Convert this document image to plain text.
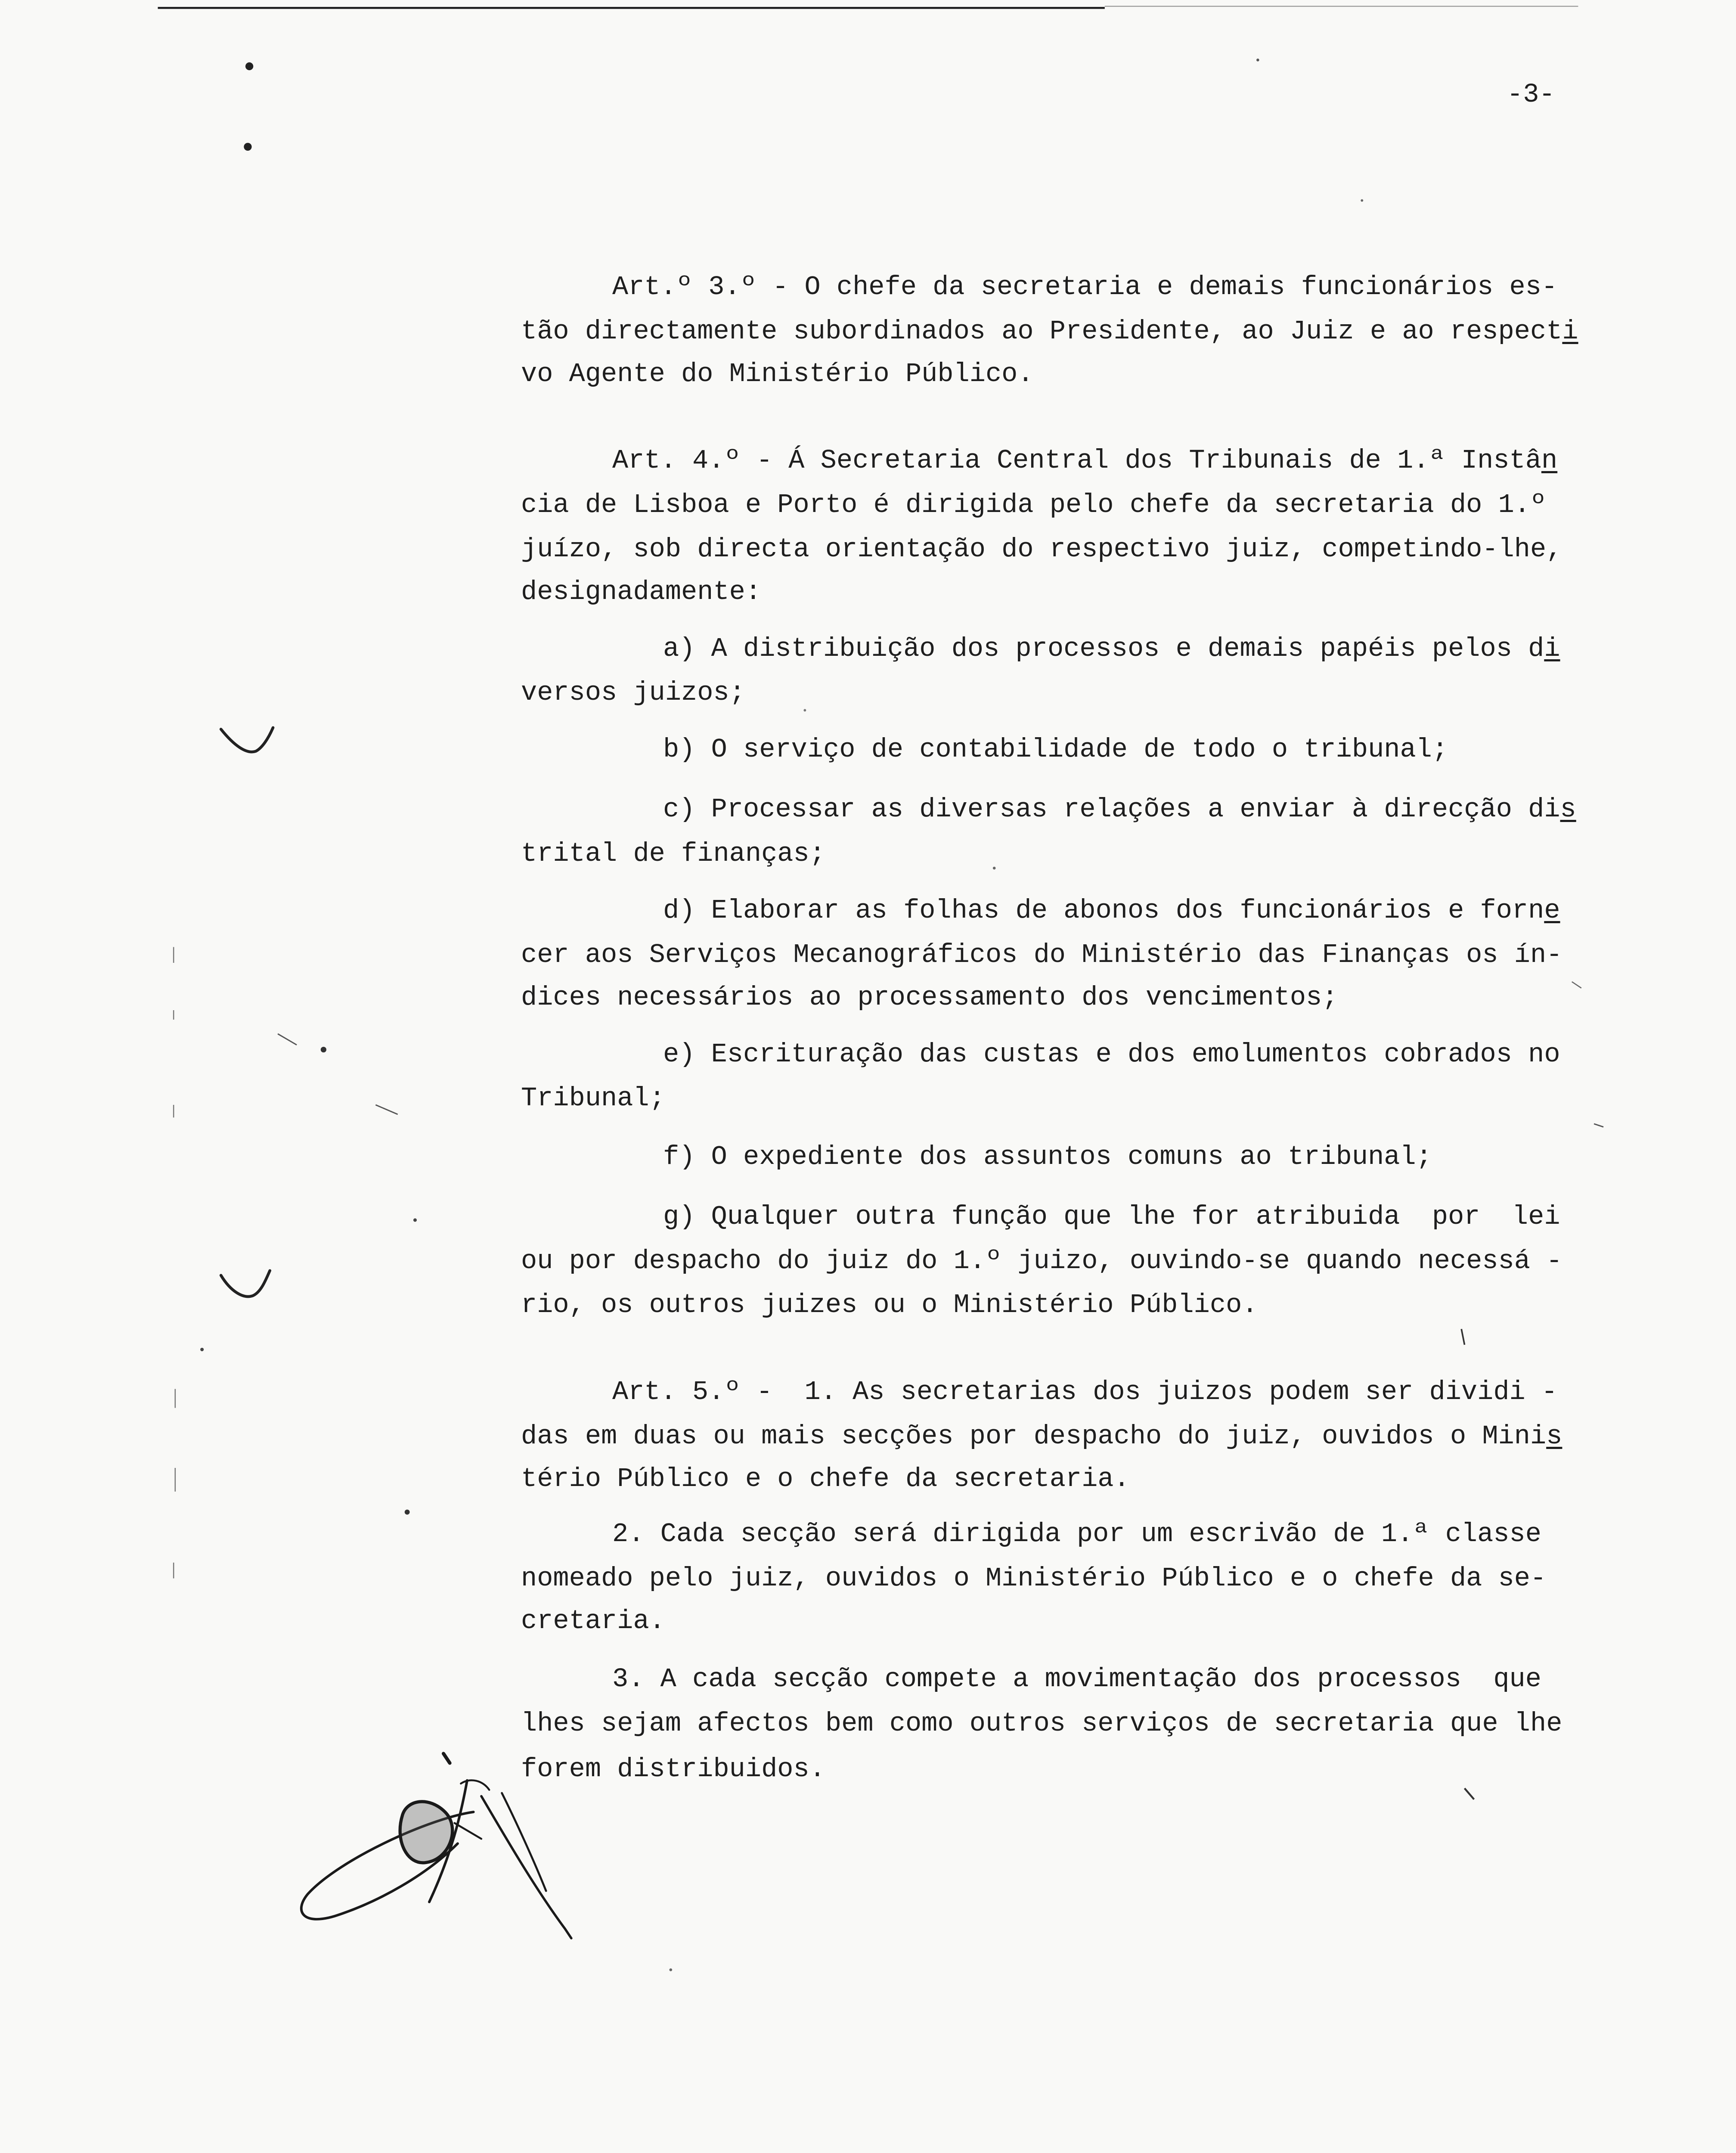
-3-
Art.º 3.º - O chefe da secretaria e demais funcionários es-
tão directamente subordinados ao Presidente, ao Juiz e ao respecti
vo Agente do Ministério Público.
Art. 4.º - Á Secretaria Central dos Tribunais de 1.ª Instân
cia de Lisboa e Porto é dirigida pelo chefe da secretaria do 1.º
juízo, sob directa orientação do respectivo juiz, competindo-lhe,
designadamente:
a) A distribuição dos processos e demais papéis pelos di
versos juizos;
b) O serviço de contabilidade de todo o tribunal;
c) Processar as diversas relações a enviar à direcção dis
trital de finanças;
d) Elaborar as folhas de abonos dos funcionários e forne
cer aos Serviços Mecanográficos do Ministério das Finanças os ín-
dices necessários ao processamento dos vencimentos;
e) Escrituração das custas e dos emolumentos cobrados no
Tribunal;
f) O expediente dos assuntos comuns ao tribunal;
g) Qualquer outra função que lhe for atribuida  por  lei
ou por despacho do juiz do 1.º juizo, ouvindo-se quando necessá -
rio, os outros juizes ou o Ministério Público.
Art. 5.º -  1. As secretarias dos juizos podem ser dividi -
das em duas ou mais secções por despacho do juiz, ouvidos o Minis
tério Público e o chefe da secretaria.
2. Cada secção será dirigida por um escrivão de 1.ª classe
nomeado pelo juiz, ouvidos o Ministério Público e o chefe da se-
cretaria.
3. A cada secção compete a movimentação dos processos  que
lhes sejam afectos bem como outros serviços de secretaria que lhe
forem distribuidos.
